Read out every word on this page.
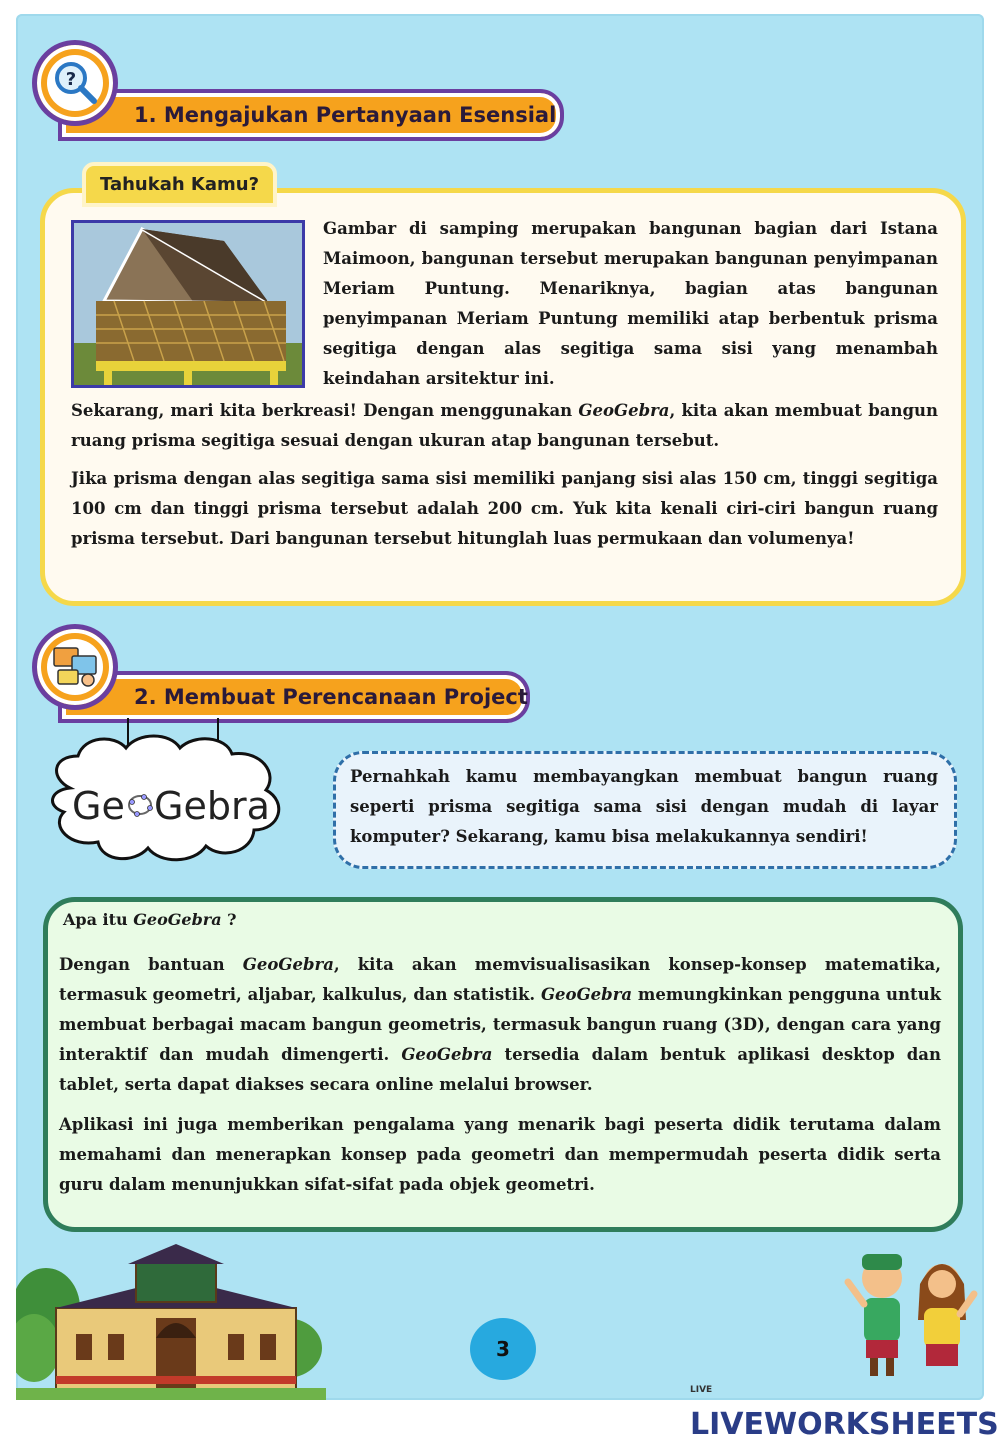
1. Mengajukan Pertanyaan Esensial
?
Tahukah Kamu?
Gambar di samping merupakan bangunan bagian dari Istana Maimoon, bangunan tersebut merupakan bangunan penyimpanan Meriam Puntung. Menariknya, bagian atas bangunan penyimpanan Meriam Puntung memiliki atap berbentuk prisma segitiga dengan alas segitiga sama sisi yang menambah keindahan arsitektur ini.

Sekarang, mari kita berkreasi! Dengan menggunakan GeoGebra, kita akan membuat bangun ruang prisma segitiga sesuai dengan ukuran atap bangunan tersebut.

Jika prisma dengan alas segitiga sama sisi memiliki panjang sisi alas 150 cm, tinggi segitiga 100 cm dan tinggi prisma tersebut adalah 200 cm. Yuk kita kenali ciri-ciri bangun ruang prisma tersebut. Dari bangunan tersebut hitunglah luas permukaan dan volumenya!

2. Membuat Perencanaan Project
Ge Gebra
Pernahkah kamu membayangkan membuat bangun ruang seperti prisma segitiga sama sisi dengan mudah di layar komputer? Sekarang, kamu bisa melakukannya sendiri!
Apa itu GeoGebra ?

Dengan bantuan GeoGebra, kita akan memvisualisasikan konsep-konsep matematika, termasuk geometri, aljabar, kalkulus, dan statistik. GeoGebra memungkinkan pengguna untuk membuat berbagai macam bangun geometris, termasuk bangun ruang (3D), dengan cara yang interaktif dan mudah dimengerti. GeoGebra tersedia dalam bentuk aplikasi desktop dan tablet, serta dapat diakses secara online melalui browser.

Aplikasi ini juga memberikan pengalama yang menarik bagi peserta didik terutama dalam memahami dan menerapkan konsep pada geometri dan mempermudah peserta didik serta guru dalam menunjukkan sifat-sifat pada objek geometri.

3
LIVELIVEWORKSHEETS
